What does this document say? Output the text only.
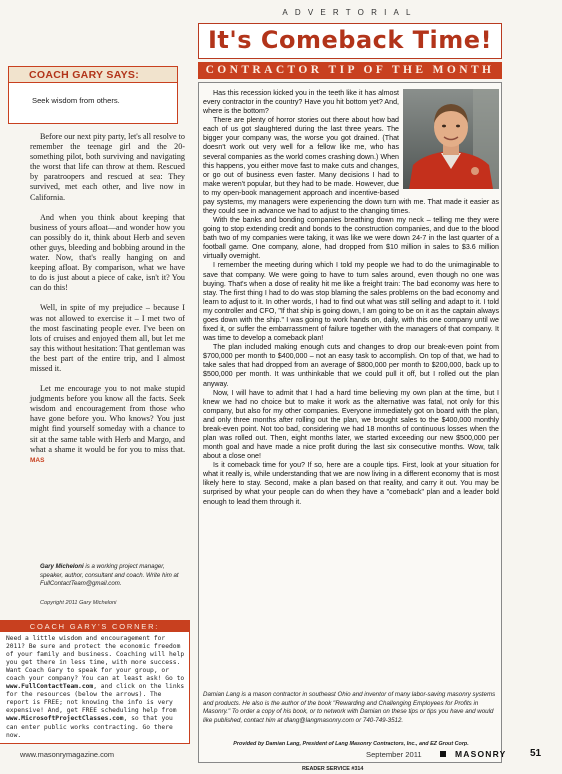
ADVERTORIAL
It's Comeback Time!
CONTRACTOR TIP OF THE MONTH
COACH GARY SAYS:
Seek wisdom from others.

Before our next pity party, let's all resolve to remember the teenage girl and the 20-something pilot, both surviving and navigating the worst that life can throw at them. Rescued by paratroopers and rescued at sea: They survived, met each other, and live now in California.

And when you think about keeping that business of yours afloat—and wonder how you can possibly do it, think about Herb and seven other guys, bleeding and bobbing around in the water. Now, that's really hanging on and keeping afloat. By comparison, what we have to do is just about a piece of cake, isn't it? You can do this!

Well, in spite of my prejudice – because I was not allowed to exercise it – I met two of the most fascinating people ever. I've been on lots of cruises and enjoyed them all, but let me say this without hesitation: That gentleman was the best part of the entire trip, and I almost missed it.

Let me encourage you to not make stupid judgments before you know all the facts. Seek wisdom and encouragement from those who have gone before you. Who knows? You just might find yourself someday with a chance to sit at the same table with Herb and Margo, and what a shame it would be for you to miss that. MAS

Gary Micheloni is a working project manager, speaker, author, consultant and coach. Write him at FullContactTeam@gmail.com.
Copyright 2011 Gary Micheloni
COACH GARY'S CORNER:
Need a little wisdom and encouragement for 2011? Be sure and protect the economic freedom of your family and business. Coaching will help you get there in less time, with more success. Want Coach Gary to speak for your group, or coach your company? You can at least ask! Go to www.FullContactTeam.com, and click on the links for the resources (below the arrows). The report is FREE; not knowing the info is very expensive! And, get FREE scheduling help from www.MicrosoftProjectClasses.com, so that you can enter public works contracting. Go there now.

Has this recession kicked you in the teeth like it has almost every contractor in the country? Have you hit bottom yet? And, where is the bottom?

There are plenty of horror stories out there about how bad each of us got slaughtered during the last three years. The bigger your company was, the worse you got drained. (That doesn't work out very well for a fellow like me, who has several companies as the world comes crashing down.) When this happens, you either move fast to make cuts and changes, or go out of business even faster. Many decisions I had to make weren't popular, but they had to be made. However, due to my open-book management approach and incentive-based pay systems, my managers were experiencing the down turn with me. That made it easier as they could see in advance we had to adjust to the changing times.

With the banks and bonding companies breathing down my neck – telling me they were going to stop extending credit and bonds to the construction companies, and due to the blood bath two of my companies were taking, it was like we were down 24-7 in the last quarter of a football game. One company, alone, had dropped from $10 million in sales to $3.6 million virtually overnight.

I remember the meeting during which I told my people we had to do the unimaginable to save that company. We were going to have to turn sales around, even though no one was buying. That's when a dose of reality hit me like a freight train: The bad economy was here to stay. The first thing I had to do was stop blaming the sales problems on the bad economy and learn to adjust to it. In other words, I had to find out what was still selling and adapt to it. I told my controller and CFO, "If that ship is going down, I am going to be on it as the captain always goes down with the ship." I was going to work hands on, daily, with this one company until we fixed it, or suffer the embarrassment of failure together with the managers of that company. It was time to develop a comeback plan!

The plan included making enough cuts and changes to drop our break-even point from $700,000 per month to $400,000 – not an easy task to accomplish. On top of that, we had to take sales that had dropped from an average of $800,000 per month to $200,000, back up to $500,000 per month. It was unthinkable that we could pull it off, but I rolled out the plan anyway.

Now, I will have to admit that I had a hard time believing my own plan at the time, but I knew we had no choice but to make it work as the alternative was fatal, not only for this company, but also for my other companies. Everyone immediately got on board with the plan, and only three months after rolling out the plan, we brought sales to the $400,000 monthly break-even point. Not too bad, considering we had 18 months of continuous losses when the plan was rolled out. Then, eight months later, we started exceeding our new $500,000 per month goal and have made a nice profit during the last six consecutive months. Wow, talk about a close one!

Is it comeback time for you? If so, here are a couple tips. First, look at your situation for what it really is, while understanding that we are now living in a different economy that is most likely here to stay. Second, make a plan based on that reality, and carry it out. You may be surprised by what your people can do when they have a "comeback" plan and a leader bold enough to lead them through it.

Damian Lang is a mason contractor in southeast Ohio and inventor of many labor-saving masonry systems and products. He also is the author of the book "Rewarding and Challenging Employees for Profits in Masonry." To order a copy of his book, or to network with Damian on these tips or tips you have and would like published, contact him at dlang@langmasonry.com or 740-749-3512.
Provided by Damian Lang, President of Lang Masonry Contractors, Inc., and EZ Grout Corp.
READER SERVICE #314
www.masonrymagazine.com	September 2011	MASONRY 51
